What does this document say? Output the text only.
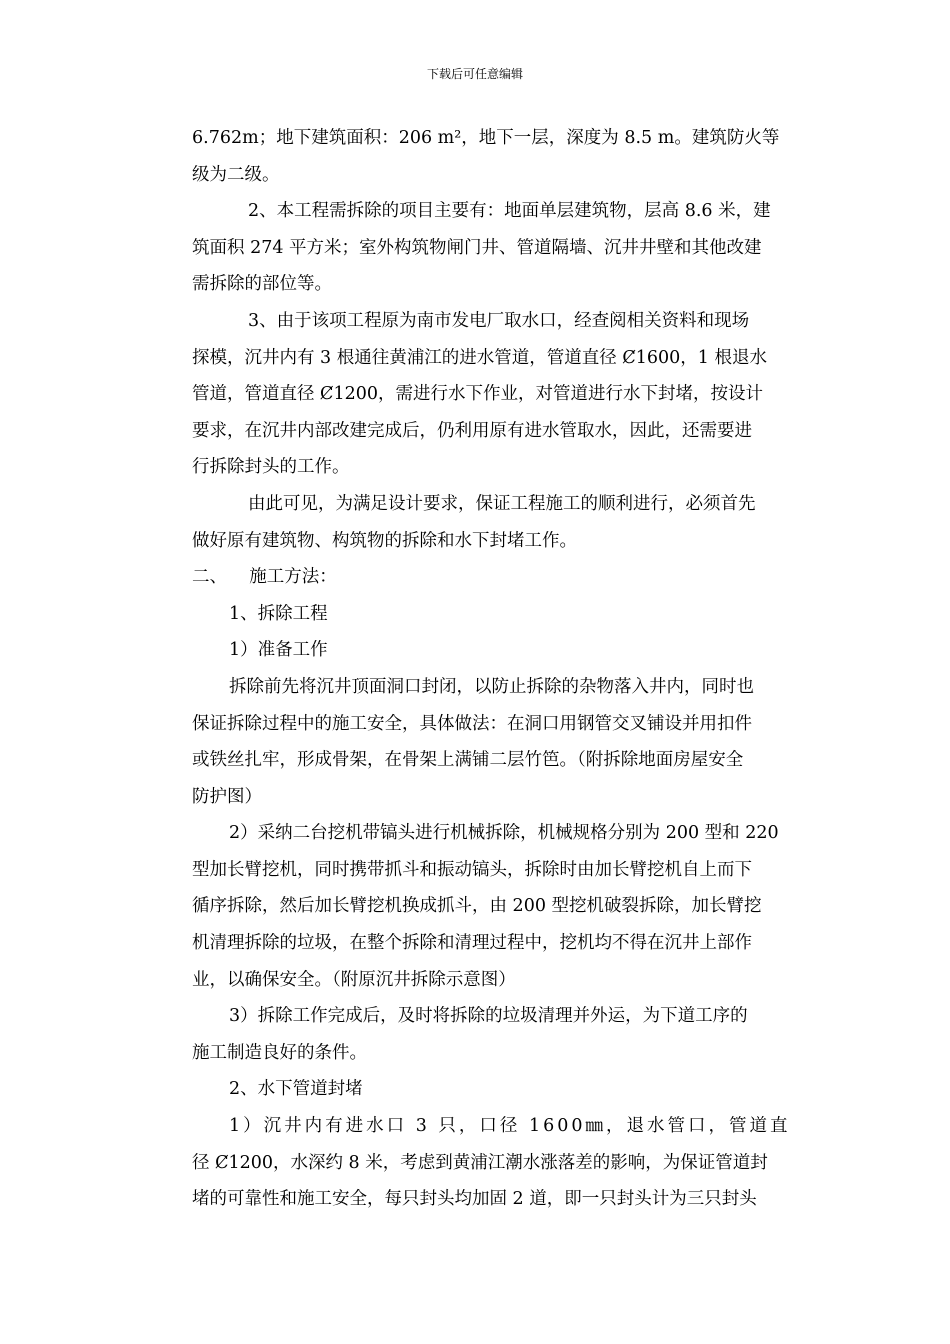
下载后可任意编辑

6.762m；地下建筑面积：206 m²，地下一层，深度为 8.5 m。建筑防火等

级为二级。

2、本工程需拆除的项目主要有：地面单层建筑物，层高 8.6 米，建

筑面积 274 平方米；室外构筑物闸门井、管道隔墙、沉井井壁和其他改建

需拆除的部位等。

3、由于该项工程原为南市发电厂取水口，经查阅相关资料和现场

探模，沉井内有 3 根通往黄浦江的进水管道，管道直径 Ȼ1600，1 根退水

管道，管道直径 Ȼ1200，需进行水下作业，对管道进行水下封堵，按设计

要求，在沉井内部改建完成后，仍利用原有进水管取水，因此，还需要进

行拆除封头的工作。

由此可见，为满足设计要求，保证工程施工的顺利进行，必须首先

做好原有建筑物、构筑物的拆除和水下封堵工作。

二、    施工方法：

1、拆除工程

1）准备工作

拆除前先将沉井顶面洞口封闭，以防止拆除的杂物落入井内，同时也

保证拆除过程中的施工安全，具体做法：在洞口用钢管交叉铺设并用扣件

或铁丝扎牢，形成骨架，在骨架上满铺二层竹笆。（附拆除地面房屋安全

防护图）

2）采纳二台挖机带镐头进行机械拆除，机械规格分别为 200 型和 220

型加长臂挖机，同时携带抓斗和振动镐头，拆除时由加长臂挖机自上而下

循序拆除，然后加长臂挖机换成抓斗，由 200 型挖机破裂拆除，加长臂挖

机清理拆除的垃圾，在整个拆除和清理过程中，挖机均不得在沉井上部作

业，以确保安全。（附原沉井拆除示意图）

3）拆除工作完成后，及时将拆除的垃圾清理并外运，为下道工序的

施工制造良好的条件。

2、水下管道封堵

1）沉井内有进水口 3 只，口径 1600㎜，退水管口，管道直

径 Ȼ1200，水深约 8 米，考虑到黄浦江潮水涨落差的影响，为保证管道封

堵的可靠性和施工安全，每只封头均加固 2 道，即一只封头计为三只封头
